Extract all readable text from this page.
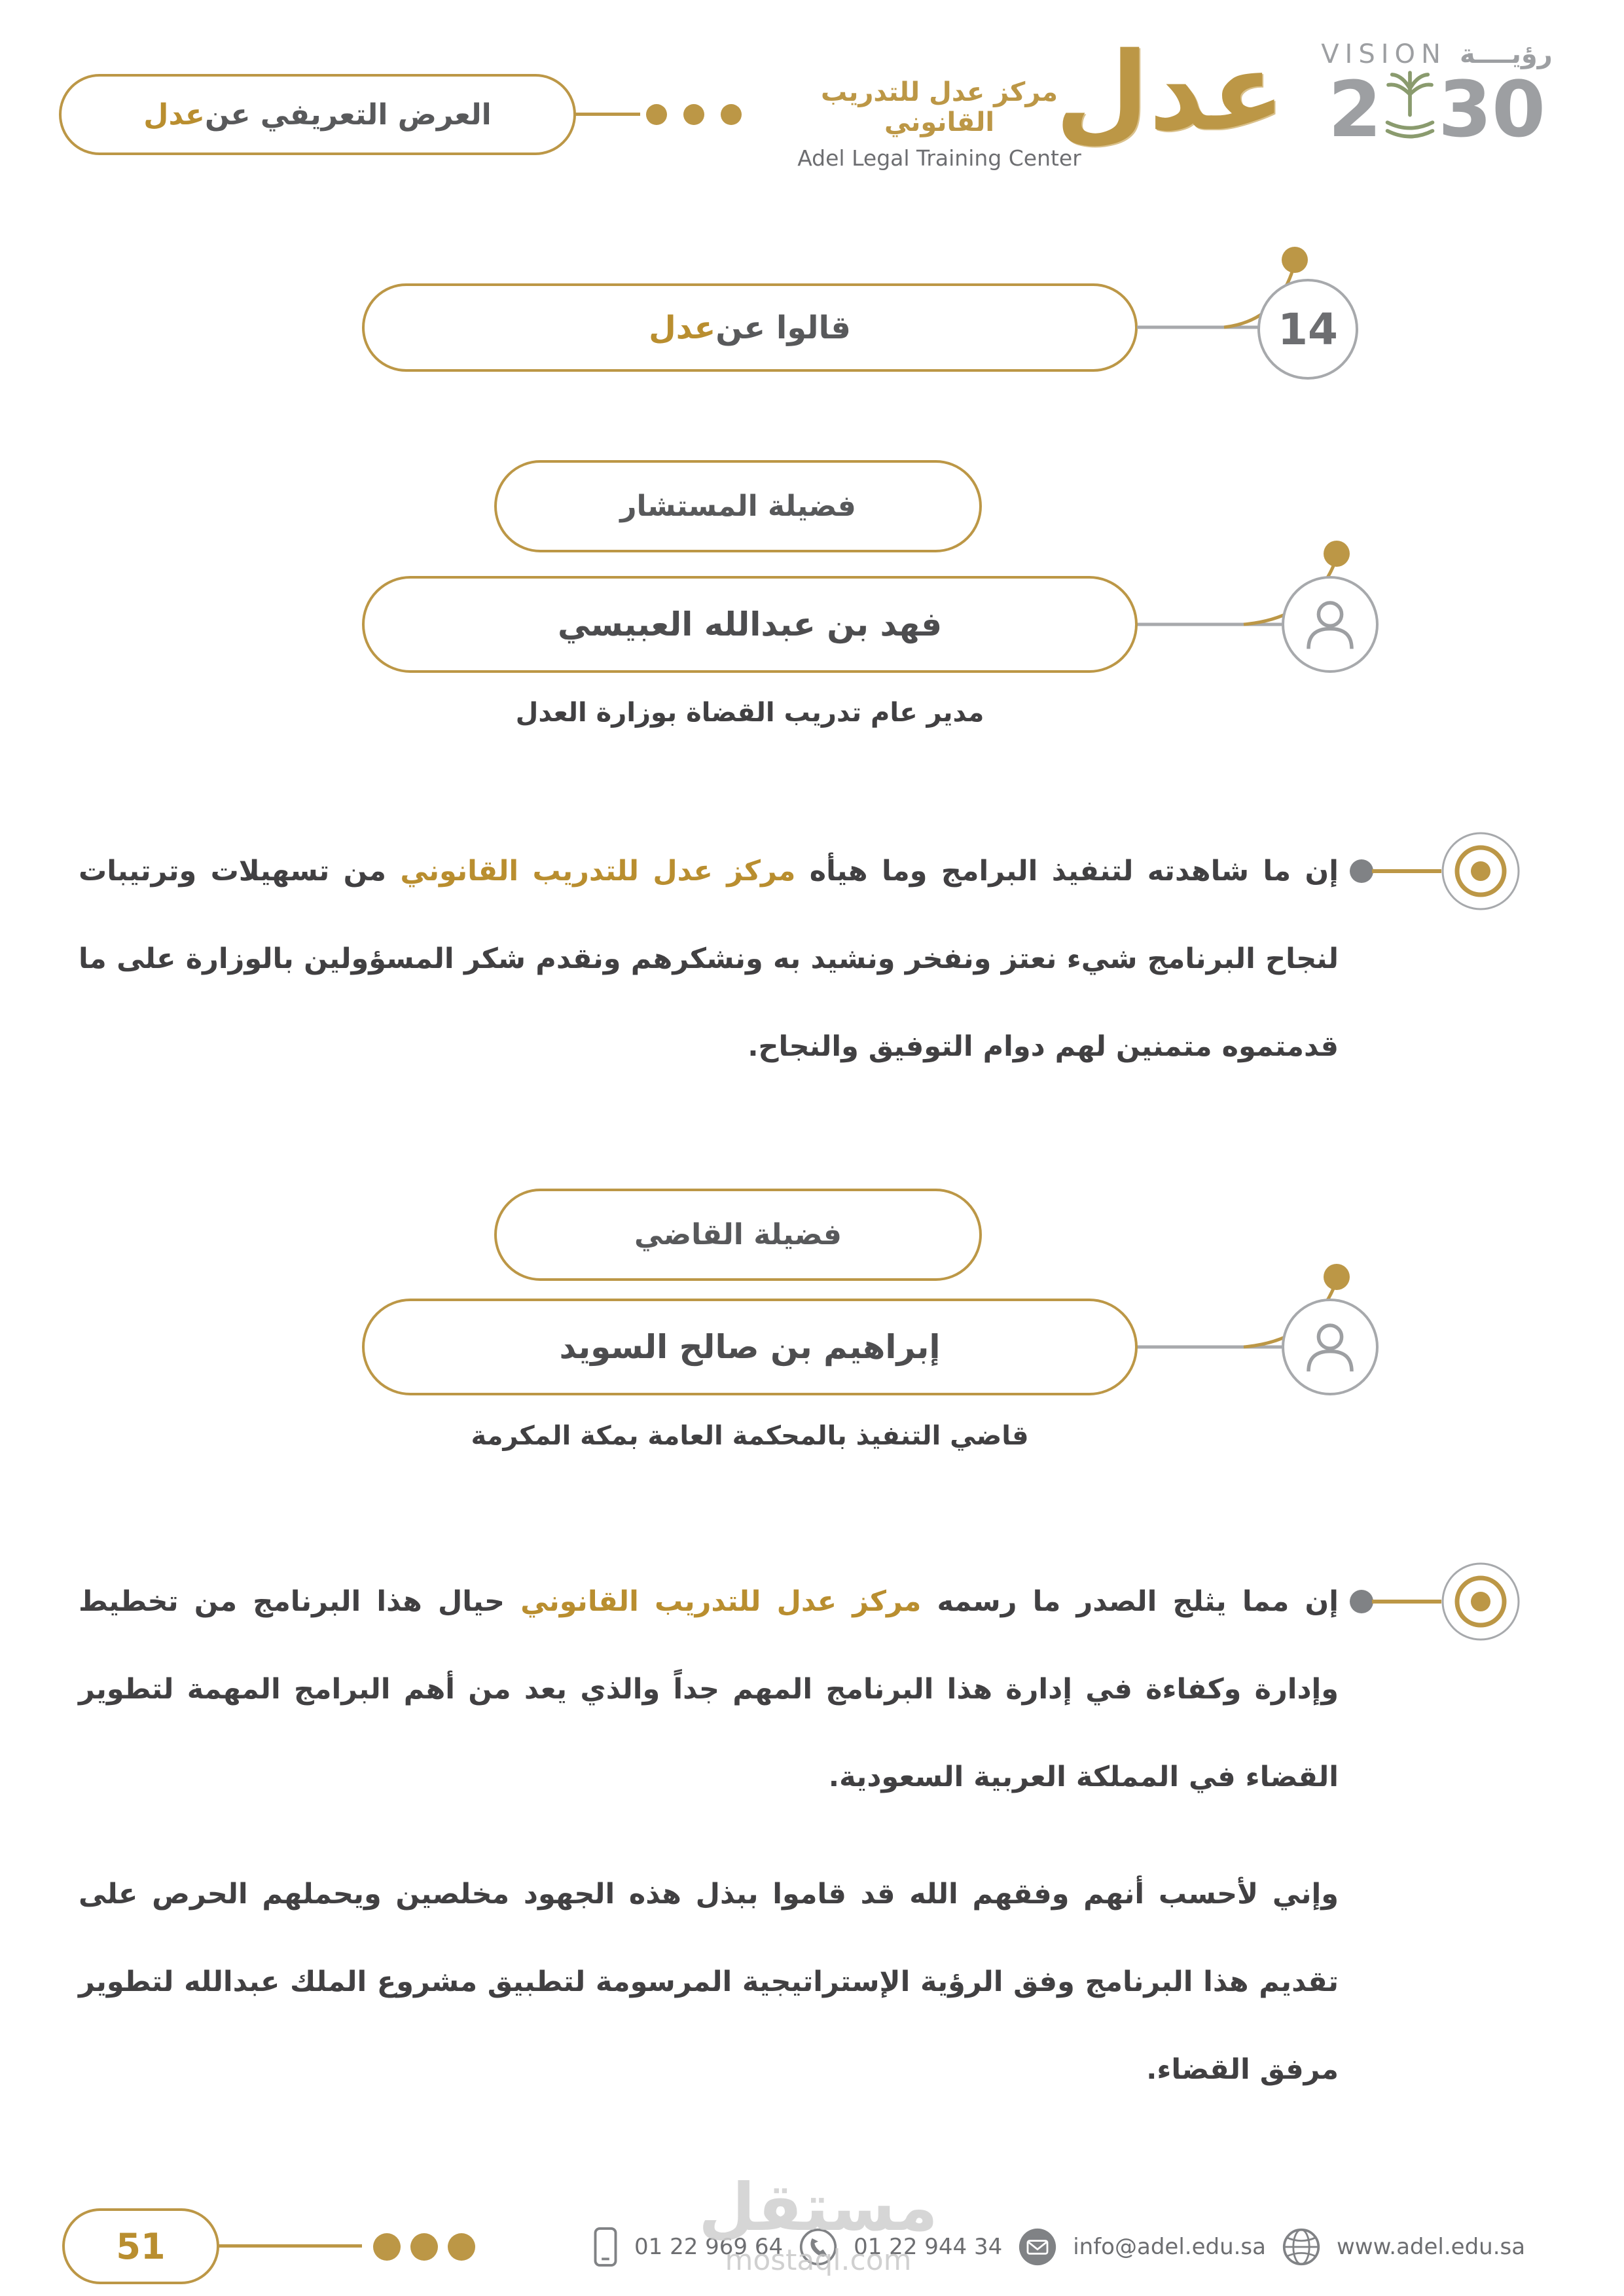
العرض التعريفي عن
عدل
مركز عدل للتدريب القانوني
Adel Legal Training Center
عدل VISION رؤيــــة
2 30
قالوا عن
عدل	14
فضيلة المستشار
فهد بن عبدالله العبيسي
مدير عام تدريب القضاة بوزارة العدل
إن ما شاهدته لتنفيذ البرامج وما هيأه مركز عدل للتدريب القانوني من تسهيلات وترتيبات لنجاح البرنامج شيء نعتز ونفخر ونشيد به ونشكرهم ونقدم شكر المسؤولين بالوزارة على ما قدمتموه متمنين لهم دوام التوفيق والنجاح.
فضيلة القاضي
إبراهيم بن صالح السويد
قاضي التنفيذ بالمحكمة العامة بمكة المكرمة
إن مما يثلج الصدر ما رسمه مركز عدل للتدريب القانوني حيال هذا البرنامج من تخطيط وإدارة وكفاءة في إدارة هذا البرنامج المهم جداً والذي يعد من أهم البرامج المهمة لتطوير القضاء في المملكة العربية السعودية.
وإني لأحسب أنهم وفقهم الله قد قاموا ببذل هذه الجهود مخلصين ويحملهم الحرص على تقديم هذا البرنامج وفق الرؤية الإستراتيجية المرسومة لتطبيق مشروع الملك عبدالله لتطوير مرفق القضاء.
51	01 22 969 64	01 22 944 34	info@adel.edu.sa	www.adel.edu.sa
مستقل
mostaql.com
